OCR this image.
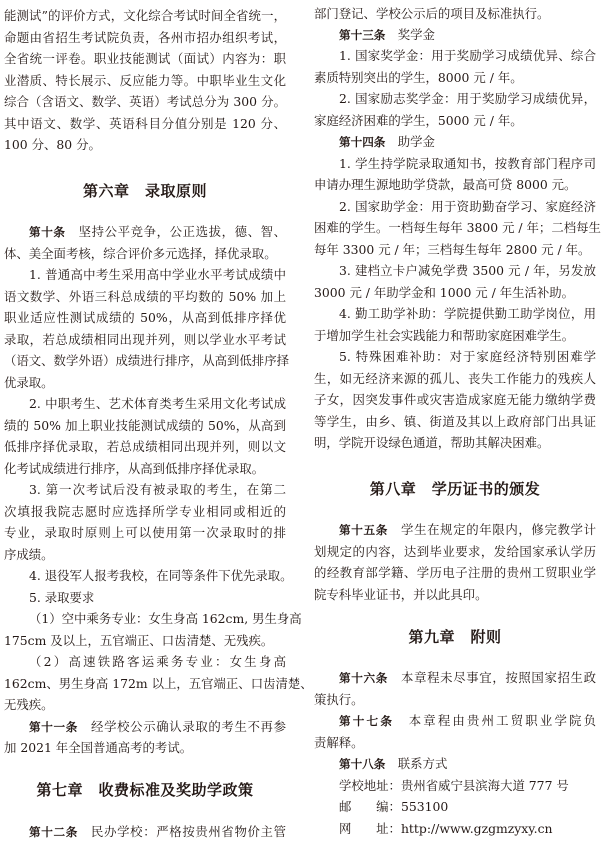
能测试”的评价方式，文化综合考试时间全省统一，
命题由省招生考试院负责，各州市招办组织考试，
全省统一评卷。职业技能测试（面试）内容为：职
业潜质、特长展示、反应能力等。中职毕业生文化
综合（含语文、数学、英语）考试总分为 300 分。
其中语文、数学、英语科目分值分别是 120 分、
100 分、80 分。
第六章　录取原则
第十条　坚持公平竞争，公正选拔，德、智、
体、美全面考核，综合评价多元选择，择优录取。
1. 普通高中考生采用高中学业水平考试成绩中
语文数学、外语三科总成绩的平均数的 50% 加上
职业适应性测试成绩的 50%，从高到低排序择优
录取，若总成绩相同出现并列，则以学业水平考试
（语文、数学外语）成绩进行排序，从高到低排序择
优录取。
2. 中职考生、艺术体育类考生采用文化考试成
绩的 50% 加上职业技能测试成绩的 50%，从高到
低排序择优录取，若总成绩相同出现并列，则以文
化考试成绩进行排序，从高到低排序择优录取。
3. 第一次考试后没有被录取的考生，在第二
次填报我院志愿时应选择所学专业相同或相近的
专业，录取时原则上可以使用第一次录取时的排
序成绩。
4. 退役军人报考我校，在同等条件下优先录取。
5. 录取要求
（1）空中乘务专业：女生身高 162cm, 男生身高
175cm 及以上，五官端正、口齿清楚、无残疾。
（2）高速铁路客运乘务专业：女生身高
162cm、男生身高 172m 以上，五官端正、口齿清楚、
无残疾。
部门登记、学校公示后的项目及标准执行。
第十三条　奖学金
1. 国家奖学金：用于奖励学习成绩优异、综合
素质特别突出的学生，8000 元 / 年。
2. 国家励志奖学金：用于奖励学习成绩优异，
家庭经济困难的学生，5000 元 / 年。
第十四条　助学金
1. 学生持学院录取通知书，按教育部门程序司
申请办理生源地助学贷款，最高可贷 8000 元。
2. 国家助学金：用于资助勤奋学习、家庭经济
困难的学生。一档每生每年 3800 元 / 年；二档每生
每年 3300 元 / 年；三档每生每年 2800 元 / 年。
3. 建档立卡户减免学费 3500 元 / 年，另发放
3000 元 / 年助学金和 1000 元 / 年生活补助。
4. 勤工助学补助：学院提供勤工助学岗位，用
于增加学生社会实践能力和帮助家庭困难学生。
5. 特殊困难补助：对于家庭经济特别困难学
生，如无经济来源的孤儿、丧失工作能力的残疾人
子女，因突发事件或灾害造成家庭无能力缴纳学费
等学生，由乡、镇、街道及其以上政府部门出具证
明，学院开设绿色通道，帮助其解决困难。
第八章　学历证书的颁发
第十五条　学生在规定的年限内，修完教学计
划规定的内容，达到毕业要求，发给国家承认学历
的经教育部学籍、学历电子注册的贵州工贸职业学
院专科毕业证书，并以此具印。
第九章　附则
第十六条　本章程未尽事宜，按照国家招生政
策执行。
第十七条　本章程由贵州工贸职业学院负
责解释。
第十八条　联系方式
第十一条　经学校公示确认录取的考生不再参
加 2021 年全国普通高考的考试。
第七章　收费标准及奖助学政策
第十二条　民办学校：严格按贵州省物价主管
学校地址：贵州省威宁县滨海大道 777 号
邮　　编：553100
网　　址：http://www.gzgmzyxy.cn
